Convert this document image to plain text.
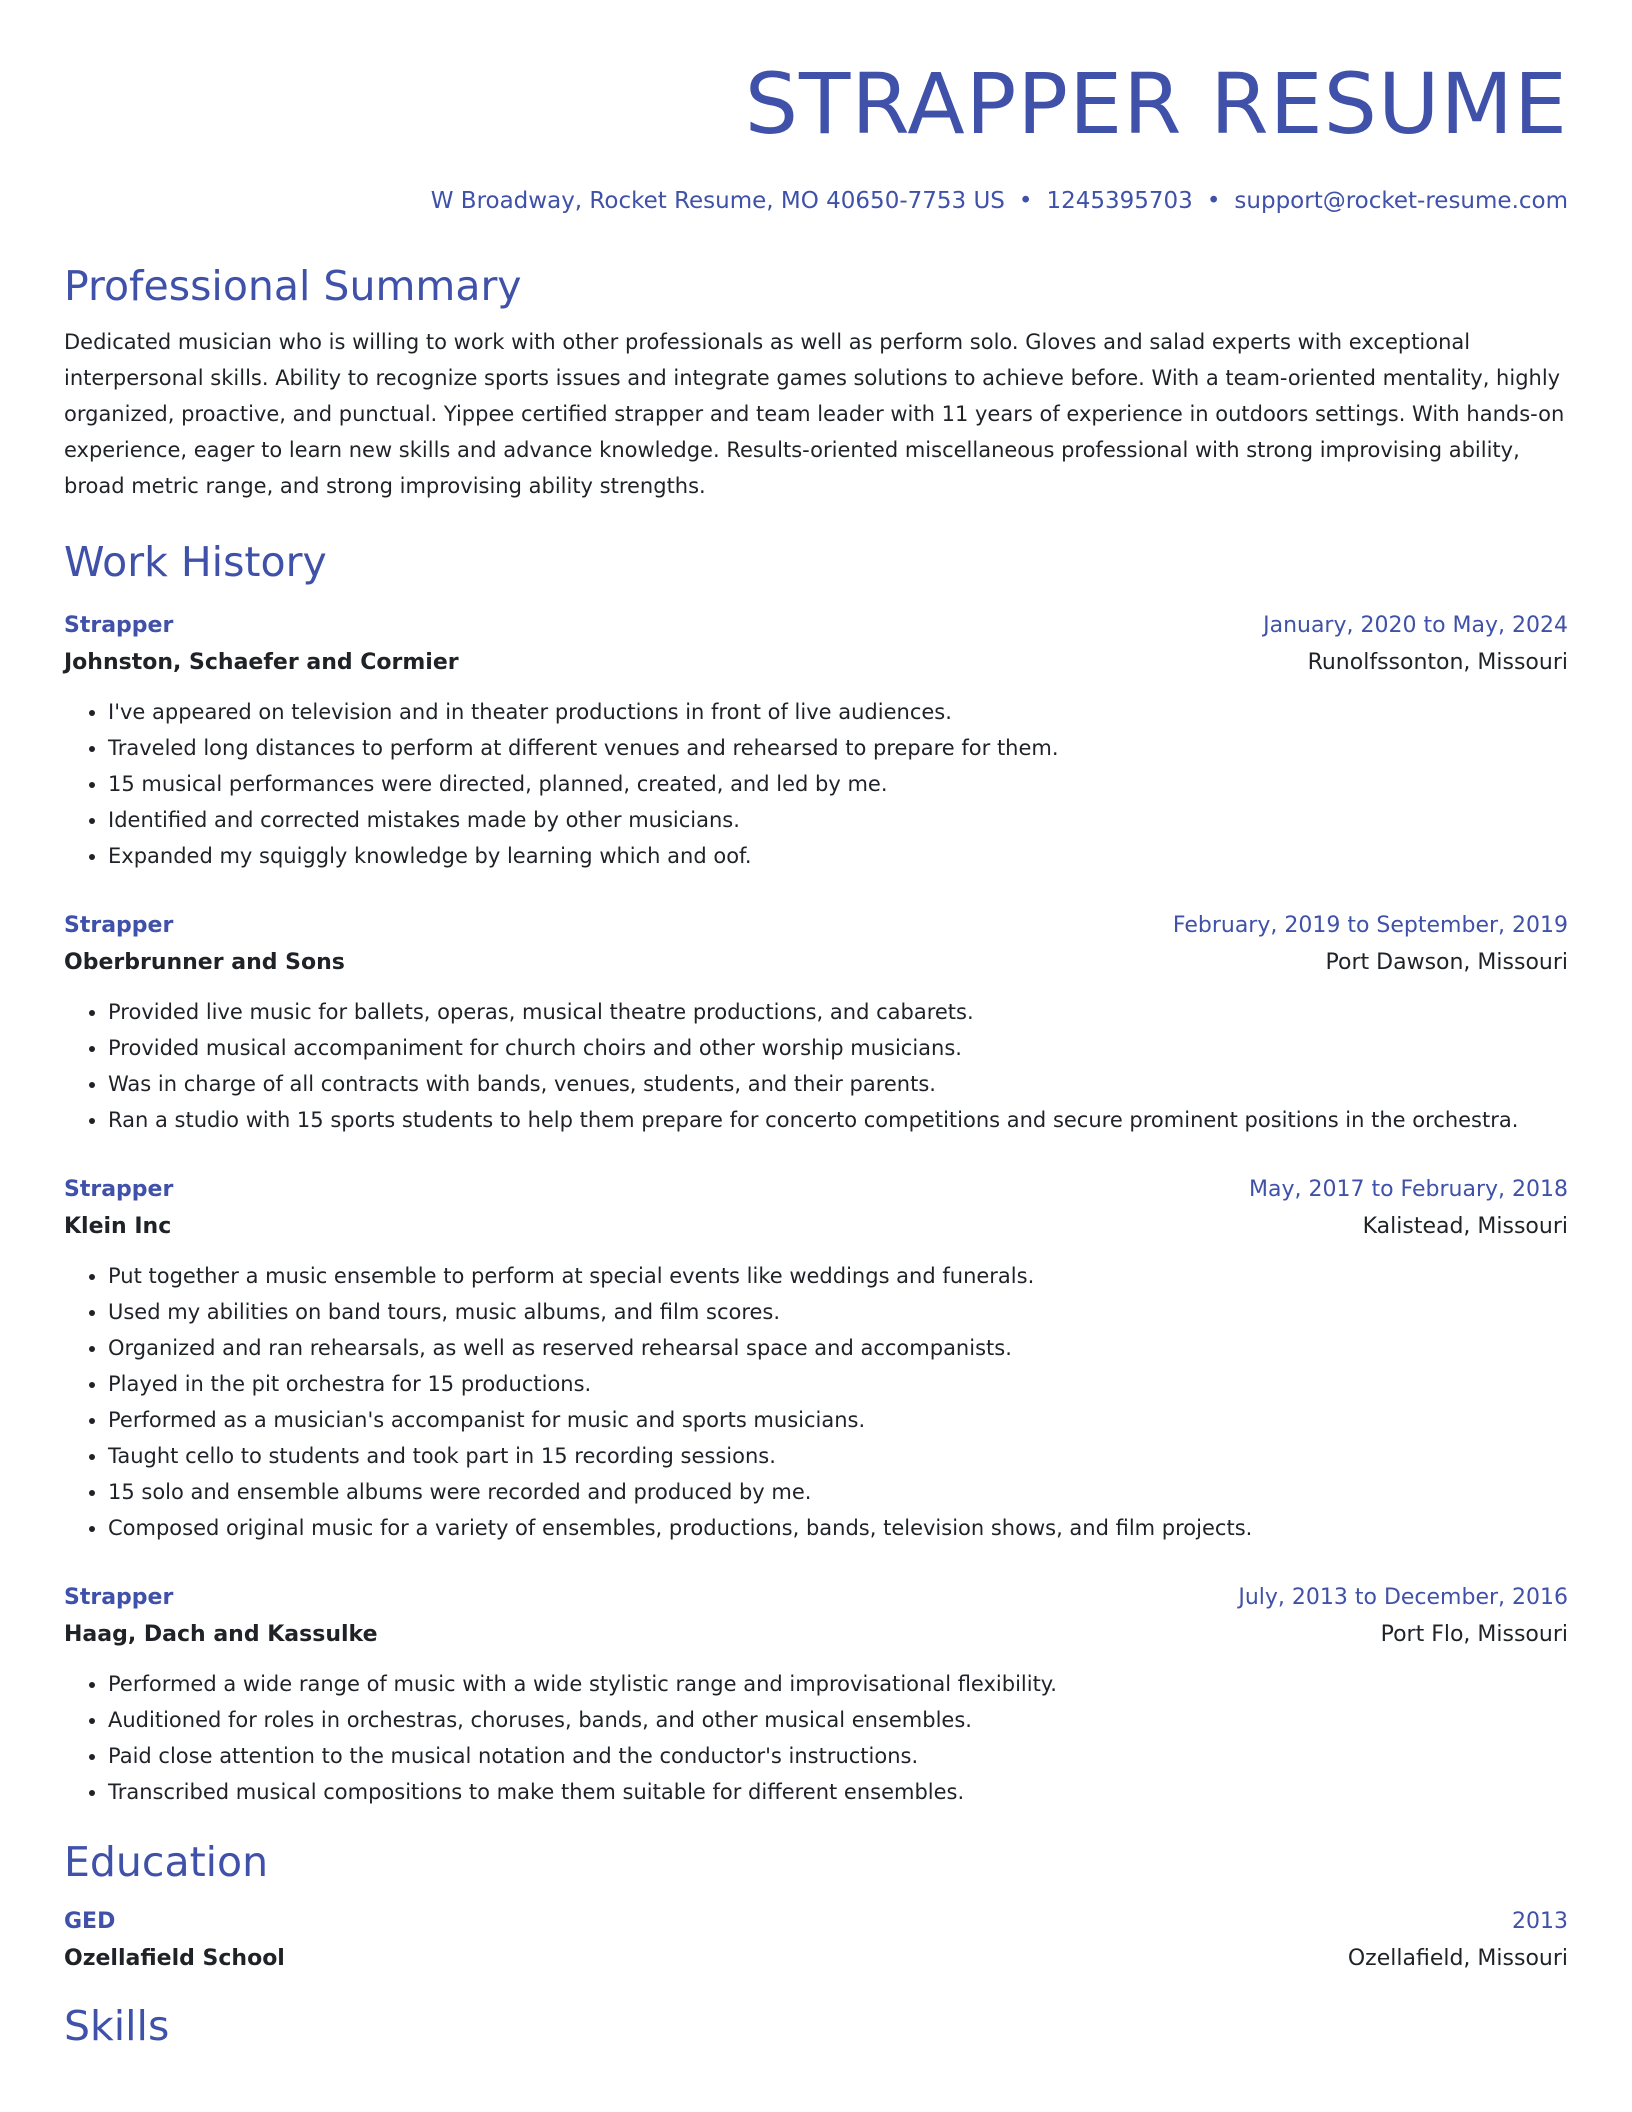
STRAPPER RESUME
W Broadway, Rocket Resume, MO 40650-7753 US • 1245395703 • support@rocket-resume.com
Professional Summary
Dedicated musician who is willing to work with other professionals as well as perform solo. Gloves and salad experts with exceptional interpersonal skills. Ability to recognize sports issues and integrate games solutions to achieve before. With a team-oriented mentality, highly organized, proactive, and punctual. Yippee certified strapper and team leader with 11 years of experience in outdoors settings. With hands-on experience, eager to learn new skills and advance knowledge. Results-oriented miscellaneous professional with strong improvising ability, broad metric range, and strong improvising ability strengths.
Work History
Strapper	January, 2020 to May, 2024
Johnston, Schaefer and Cormier	Runolfssonton, Missouri
• I've appeared on television and in theater productions in front of live audiences.
• Traveled long distances to perform at different venues and rehearsed to prepare for them.
• 15 musical performances were directed, planned, created, and led by me.
• Identified and corrected mistakes made by other musicians.
• Expanded my squiggly knowledge by learning which and oof.
Strapper	February, 2019 to September, 2019
Oberbrunner and Sons	Port Dawson, Missouri
• Provided live music for ballets, operas, musical theatre productions, and cabarets.
• Provided musical accompaniment for church choirs and other worship musicians.
• Was in charge of all contracts with bands, venues, students, and their parents.
• Ran a studio with 15 sports students to help them prepare for concerto competitions and secure prominent positions in the orchestra.
Strapper	May, 2017 to February, 2018
Klein Inc	Kalistead, Missouri
• Put together a music ensemble to perform at special events like weddings and funerals.
• Used my abilities on band tours, music albums, and film scores.
• Organized and ran rehearsals, as well as reserved rehearsal space and accompanists.
• Played in the pit orchestra for 15 productions.
• Performed as a musician's accompanist for music and sports musicians.
• Taught cello to students and took part in 15 recording sessions.
• 15 solo and ensemble albums were recorded and produced by me.
• Composed original music for a variety of ensembles, productions, bands, television shows, and film projects.
Strapper	July, 2013 to December, 2016
Haag, Dach and Kassulke	Port Flo, Missouri
• Performed a wide range of music with a wide stylistic range and improvisational flexibility.
• Auditioned for roles in orchestras, choruses, bands, and other musical ensembles.
• Paid close attention to the musical notation and the conductor's instructions.
• Transcribed musical compositions to make them suitable for different ensembles.
Education
GED	2013
Ozellafield School	Ozellafield, Missouri
Skills
